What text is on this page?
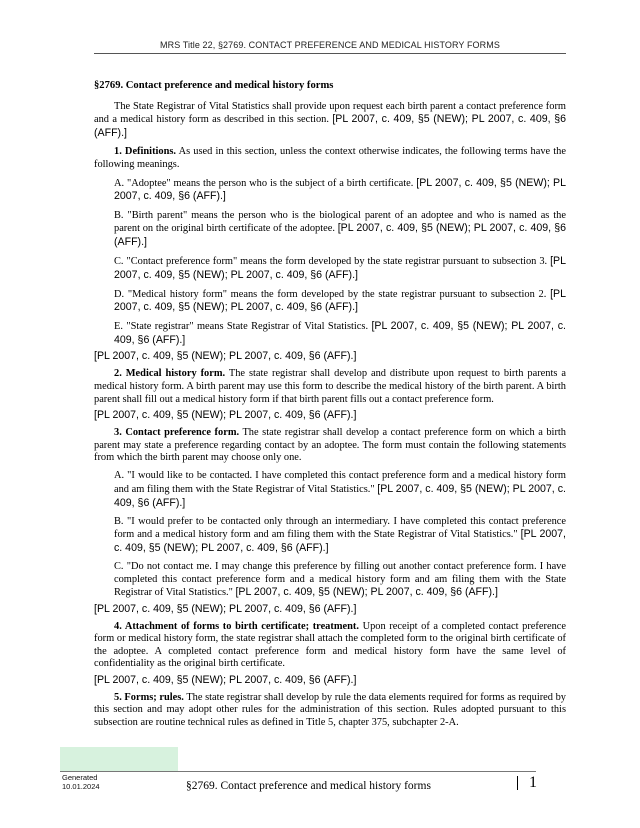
MRS Title 22, §2769. CONTACT PREFERENCE AND MEDICAL HISTORY FORMS

§2769. Contact preference and medical history forms

The State Registrar of Vital Statistics shall provide upon request each birth parent a contact preference form and a medical history form as described in this section. [PL 2007, c. 409, §5 (NEW); PL 2007, c. 409, §6 (AFF).]

1. Definitions. As used in this section, unless the context otherwise indicates, the following terms have the following meanings.

A. "Adoptee" means the person who is the subject of a birth certificate. [PL 2007, c. 409, §5 (NEW); PL 2007, c. 409, §6 (AFF).]

B. "Birth parent" means the person who is the biological parent of an adoptee and who is named as the parent on the original birth certificate of the adoptee. [PL 2007, c. 409, §5 (NEW); PL 2007, c. 409, §6 (AFF).]

C. "Contact preference form" means the form developed by the state registrar pursuant to subsection 3. [PL 2007, c. 409, §5 (NEW); PL 2007, c. 409, §6 (AFF).]

D. "Medical history form" means the form developed by the state registrar pursuant to subsection 2. [PL 2007, c. 409, §5 (NEW); PL 2007, c. 409, §6 (AFF).]

E. "State registrar" means State Registrar of Vital Statistics. [PL 2007, c. 409, §5 (NEW); PL 2007, c. 409, §6 (AFF).]

[PL 2007, c. 409, §5 (NEW); PL 2007, c. 409, §6 (AFF).]

2. Medical history form. The state registrar shall develop and distribute upon request to birth parents a medical history form. A birth parent may use this form to describe the medical history of the birth parent. A birth parent shall fill out a medical history form if that birth parent fills out a contact preference form.

[PL 2007, c. 409, §5 (NEW); PL 2007, c. 409, §6 (AFF).]

3. Contact preference form. The state registrar shall develop a contact preference form on which a birth parent may state a preference regarding contact by an adoptee. The form must contain the following statements from which the birth parent may choose only one.

A. "I would like to be contacted. I have completed this contact preference form and a medical history form and am filing them with the State Registrar of Vital Statistics." [PL 2007, c. 409, §5 (NEW); PL 2007, c. 409, §6 (AFF).]

B. "I would prefer to be contacted only through an intermediary. I have completed this contact preference form and a medical history form and am filing them with the State Registrar of Vital Statistics." [PL 2007, c. 409, §5 (NEW); PL 2007, c. 409, §6 (AFF).]

C. "Do not contact me. I may change this preference by filling out another contact preference form. I have completed this contact preference form and a medical history form and am filing them with the State Registrar of Vital Statistics." [PL 2007, c. 409, §5 (NEW); PL 2007, c. 409, §6 (AFF).]

[PL 2007, c. 409, §5 (NEW); PL 2007, c. 409, §6 (AFF).]

4. Attachment of forms to birth certificate; treatment. Upon receipt of a completed contact preference form or medical history form, the state registrar shall attach the completed form to the original birth certificate of the adoptee. A completed contact preference form and medical history form have the same level of confidentiality as the original birth certificate.

[PL 2007, c. 409, §5 (NEW); PL 2007, c. 409, §6 (AFF).]

5. Forms; rules. The state registrar shall develop by rule the data elements required for forms as required by this section and may adopt other rules for the administration of this section. Rules adopted pursuant to this subsection are routine technical rules as defined in Title 5, chapter 375, subchapter 2-A.

Generated
10.01.2024	§2769. Contact preference and medical history forms	1
